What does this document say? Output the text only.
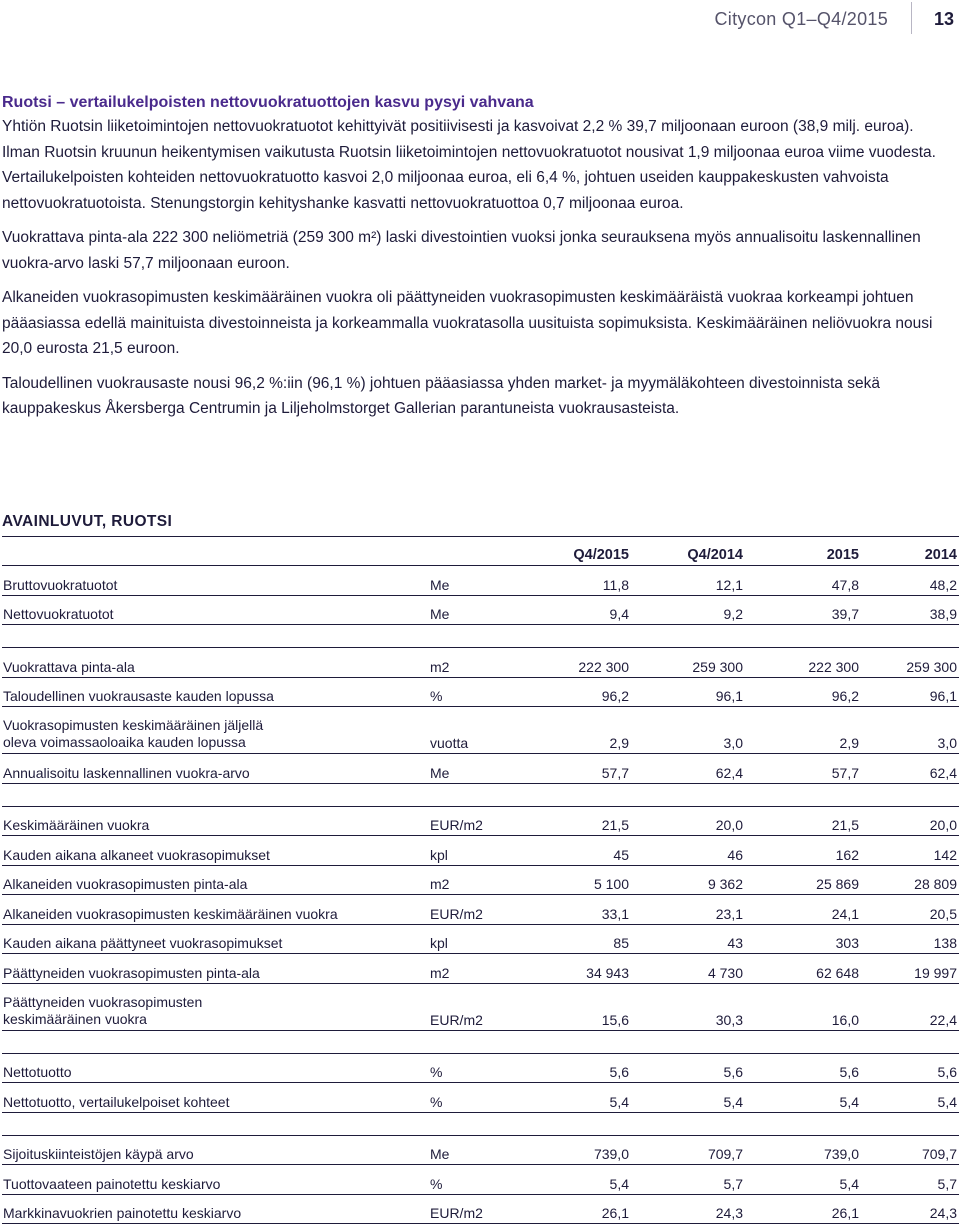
Citycon Q1–Q4/2015	13
Ruotsi – vertailukelpoisten nettovuokratuottojen kasvu pysyi vahvana

Yhtiön Ruotsin liiketoimintojen nettovuokratuotot kehittyivät positiivisesti ja kasvoivat 2,2 % 39,7 miljoonaan euroon (38,9 milj. euroa). Ilman Ruotsin kruunun heikentymisen vaikutusta Ruotsin liiketoimintojen nettovuokratuotot nousivat 1,9 miljoonaa euroa viime vuodesta. Vertailukelpoisten kohteiden nettovuokratuotto kasvoi 2,0 miljoonaa euroa, eli 6,4 %, johtuen useiden kauppakeskusten vahvoista nettovuokratuotoista. Stenungstorgin kehityshanke kasvatti nettovuokratuottoa 0,7 miljoonaa euroa.

Vuokrattava pinta-ala 222 300 neliömetriä (259 300 m²) laski divestointien vuoksi jonka seurauksena myös annualisoitu laskennallinen vuokra-arvo laski 57,7 miljoonaan euroon.

Alkaneiden vuokrasopimusten keskimääräinen vuokra oli päättyneiden vuokrasopimusten keskimääräistä vuokraa korkeampi johtuen pääasiassa edellä mainituista divestoinneista ja korkeammalla vuokratasolla uusituista sopimuksista. Keskimääräinen neliövuokra nousi 20,0 eurosta 21,5 euroon.

Taloudellinen vuokrausaste nousi 96,2 %:iin (96,1 %) johtuen pääasiassa yhden market- ja myymäläkohteen divestoinnista sekä kauppakeskus Åkersberga Centrumin ja Liljeholmstorget Gallerian parantuneista vuokrausasteista.

AVAINLUVUT, RUOTSI
		Q4/2015	Q4/2014	2015	2014
Bruttovuokratuotot	Me	11,8	12,1	47,8	48,2
Nettovuokratuotot	Me	9,4	9,2	39,7	38,9

Vuokrattava pinta-ala	m2	222 300	259 300	222 300	259 300
Taloudellinen vuokrausaste kauden lopussa	%	96,2	96,1	96,2	96,1

Vuokrasopimusten keskimääräinen jäljellä
oleva voimassaoloaika kauden lopussa	vuotta	2,9	3,0	2,9	3,0
Annualisoitu laskennallinen vuokra-arvo	Me	57,7	62,4	57,7	62,4

Keskimääräinen vuokra	EUR/m2	21,5	20,0	21,5	20,0
Kauden aikana alkaneet vuokrasopimukset	kpl	45	46	162	142
Alkaneiden vuokrasopimusten pinta-ala	m2	5 100	9 362	25 869	28 809
Alkaneiden vuokrasopimusten keskimääräinen vuokra	EUR/m2	33,1	23,1	24,1	20,5
Kauden aikana päättyneet vuokrasopimukset	kpl	85	43	303	138
Päättyneiden vuokrasopimusten pinta-ala	m2	34 943	4 730	62 648	19 997

Päättyneiden vuokrasopimusten
keskimääräinen vuokra	EUR/m2	15,6	30,3	16,0	22,4

Nettotuotto	%	5,6	5,6	5,6	5,6
Nettotuotto, vertailukelpoiset kohteet	%	5,4	5,4	5,4	5,4

Sijoituskiinteistöjen käypä arvo	Me	739,0	709,7	739,0	709,7
Tuottovaateen painotettu keskiarvo	%	5,4	5,7	5,4	5,7
Markkinavuokrien painotettu keskiarvo	EUR/m2	26,1	24,3	26,1	24,3
